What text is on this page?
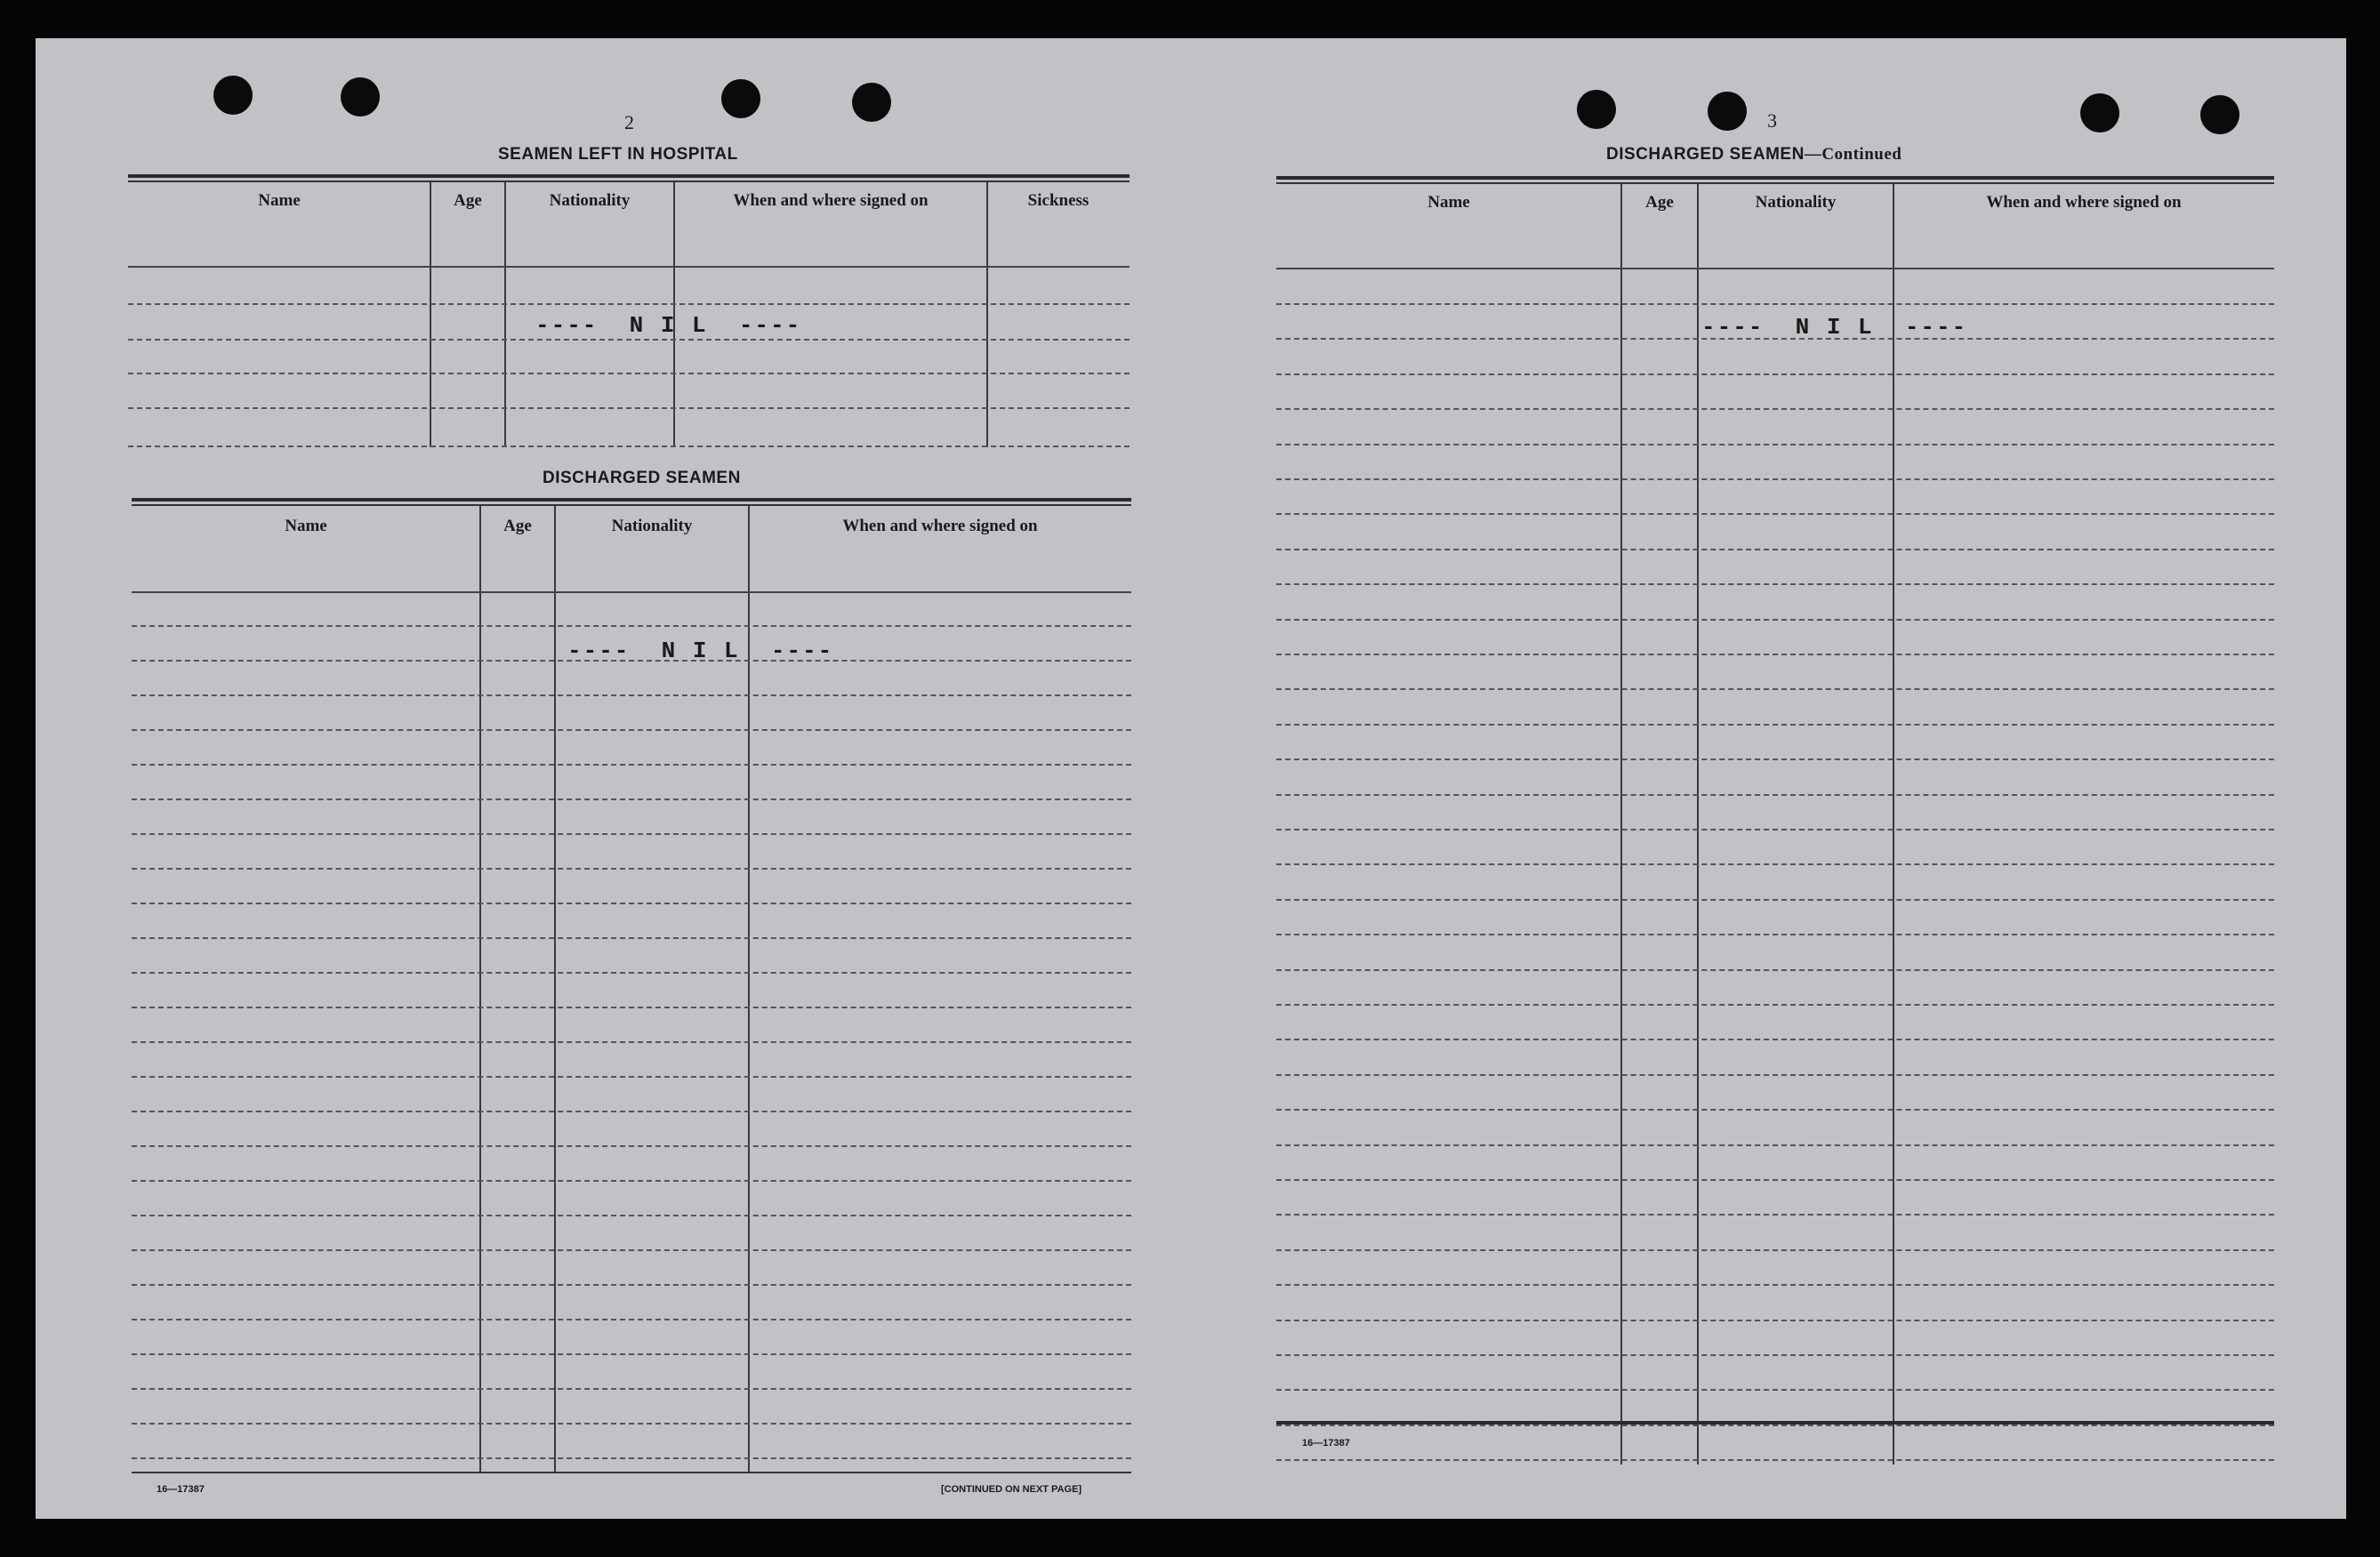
2
SEAMEN LEFT IN HOSPITAL
Name	Age	Nationality	When and where signed on	Sickness
----  N I L  ----
DISCHARGED SEAMEN
Name	Age	Nationality	When and where signed on
----  N I L  ----
16—17387	[CONTINUED ON NEXT PAGE]
3
DISCHARGED SEAMEN—Continued
Name	Age	Nationality	When and where signed on
----  N I L  ----
16—17387
